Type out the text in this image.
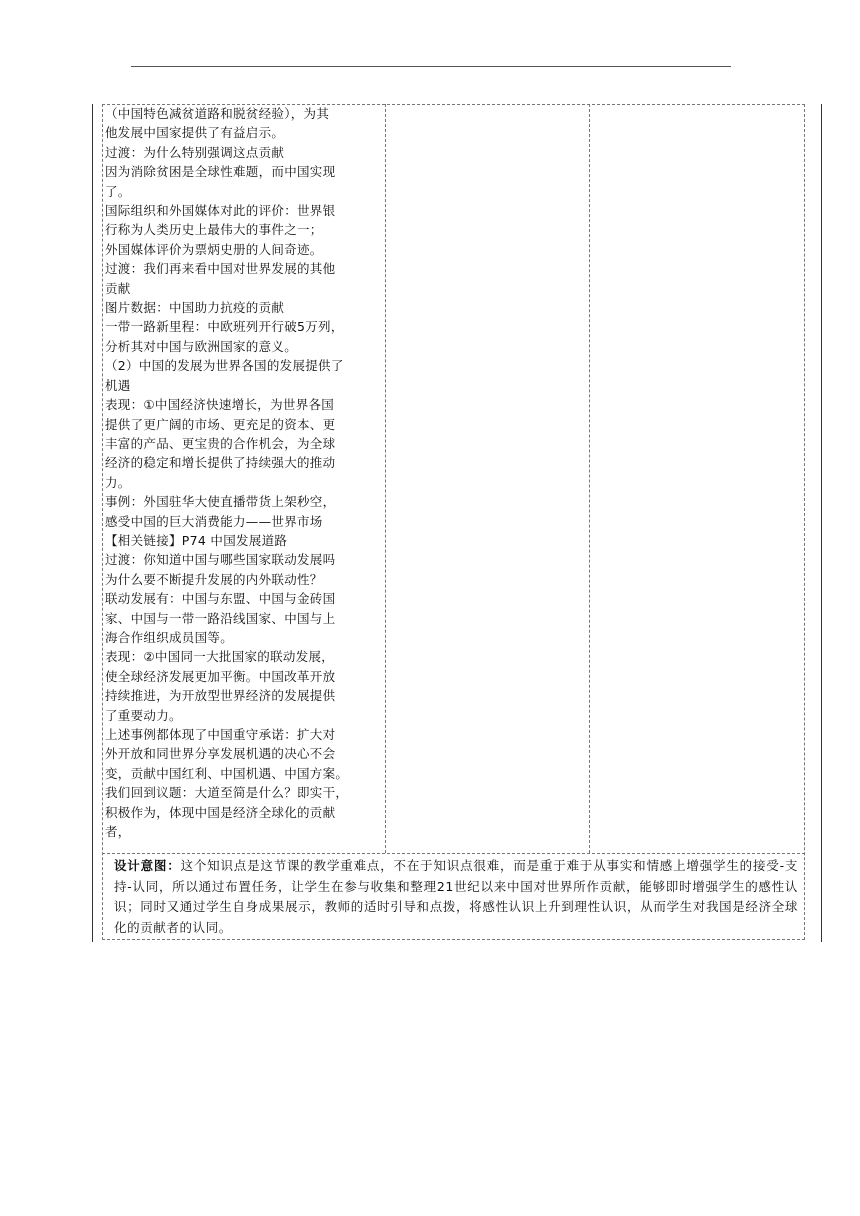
（中国特色减贫道路和脱贫经验），为其
他发展中国家提供了有益启示。
过渡：为什么特别强调这点贡献
因为消除贫困是全球性难题，而中国实现
了。
国际组织和外国媒体对此的评价：世界银
行称为人类历史上最伟大的事件之一；
外国媒体评价为票炳史册的人间奇迹。
过渡：我们再来看中国对世界发展的其他
贡献
图片数据：中国助力抗疫的贡献
一带一路新里程：中欧班列开行破5万列，
分析其对中国与欧洲国家的意义。
（2）中国的发展为世界各国的发展提供了
机遇
表现：①中国经济快速增长，为世界各国
提供了更广阔的市场、更充足的资本、更
丰富的产品、更宝贵的合作机会，为全球
经济的稳定和增长提供了持续强大的推动
力。
事例：外国驻华大使直播带货上架秒空，
感受中国的巨大消费能力——世界市场
【相关链接】P74 中国发展道路
过渡：你知道中国与哪些国家联动发展吗
为什么要不断提升发展的内外联动性？
联动发展有：中国与东盟、中国与金砖国
家、中国与一带一路沿线国家、中国与上
海合作组织成员国等。
表现：②中国同一大批国家的联动发展，
使全球经济发展更加平衡。中国改革开放
持续推进，为开放型世界经济的发展提供
了重要动力。
上述事例都体现了中国重守承诺：扩大对
外开放和同世界分享发展机遇的决心不会
变，贡献中国红利、中国机遇、中国方案。
我们回到议题：大道至简是什么？即实干，
积极作为，体现中国是经济全球化的贡献
者，
设计意图：这个知识点是这节课的教学重难点，不在于知识点很难，而是重于难于从事实和情感上增强学生的接受-支持-认同，所以通过布置任务，让学生在参与收集和整理21世纪以来中国对世界所作贡献，能够即时增强学生的感性认识；同时又通过学生自身成果展示，教师的适时引导和点拨，将感性认识上升到理性认识，从而学生对我国是经济全球化的贡献者的认同。
